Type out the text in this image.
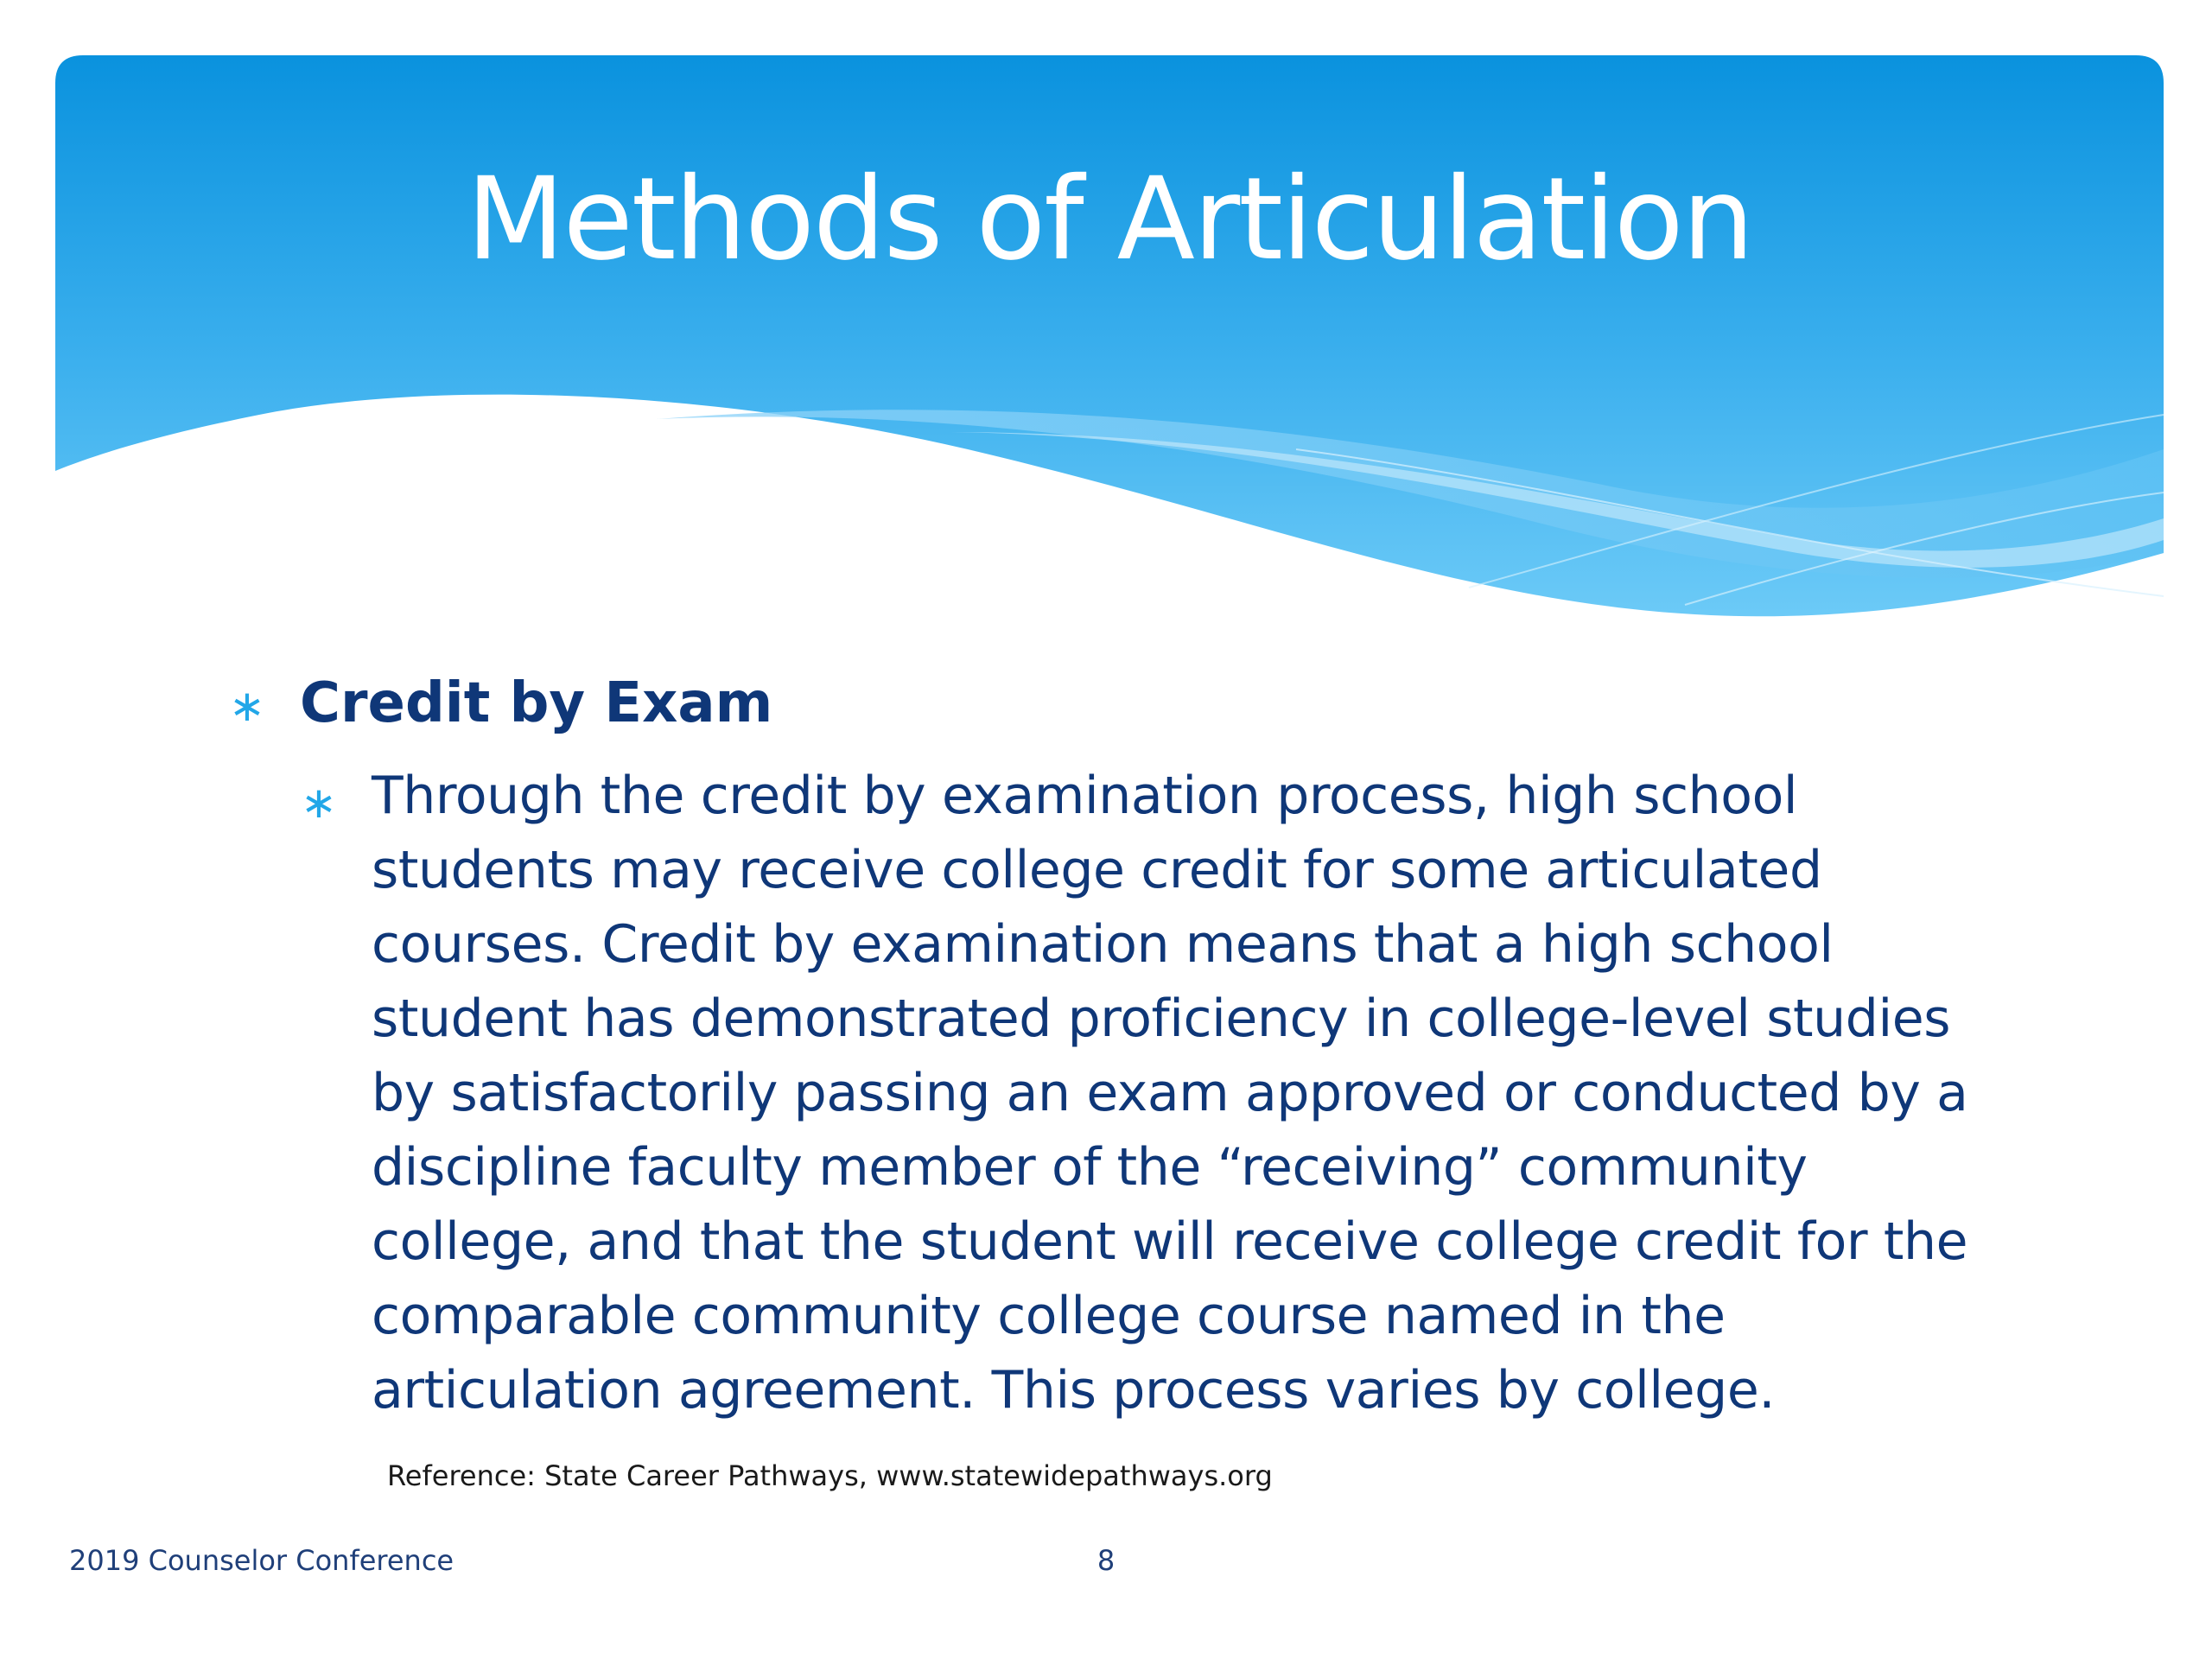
Methods of Articulation
∗ Credit by Exam
∗ Through the credit by examination process, high school students may receive college credit for some articulated courses. Credit by examination means that a high school student has demonstrated proficiency in college-level studies by satisfactorily passing an exam approved or conducted by a discipline faculty member of the “receiving” community college, and that the student will receive college credit for the comparable community college course named in the articulation agreement. This process varies by college.
Reference: State Career Pathways, www.statewidepathways.org
2019 Counselor Conference	8
